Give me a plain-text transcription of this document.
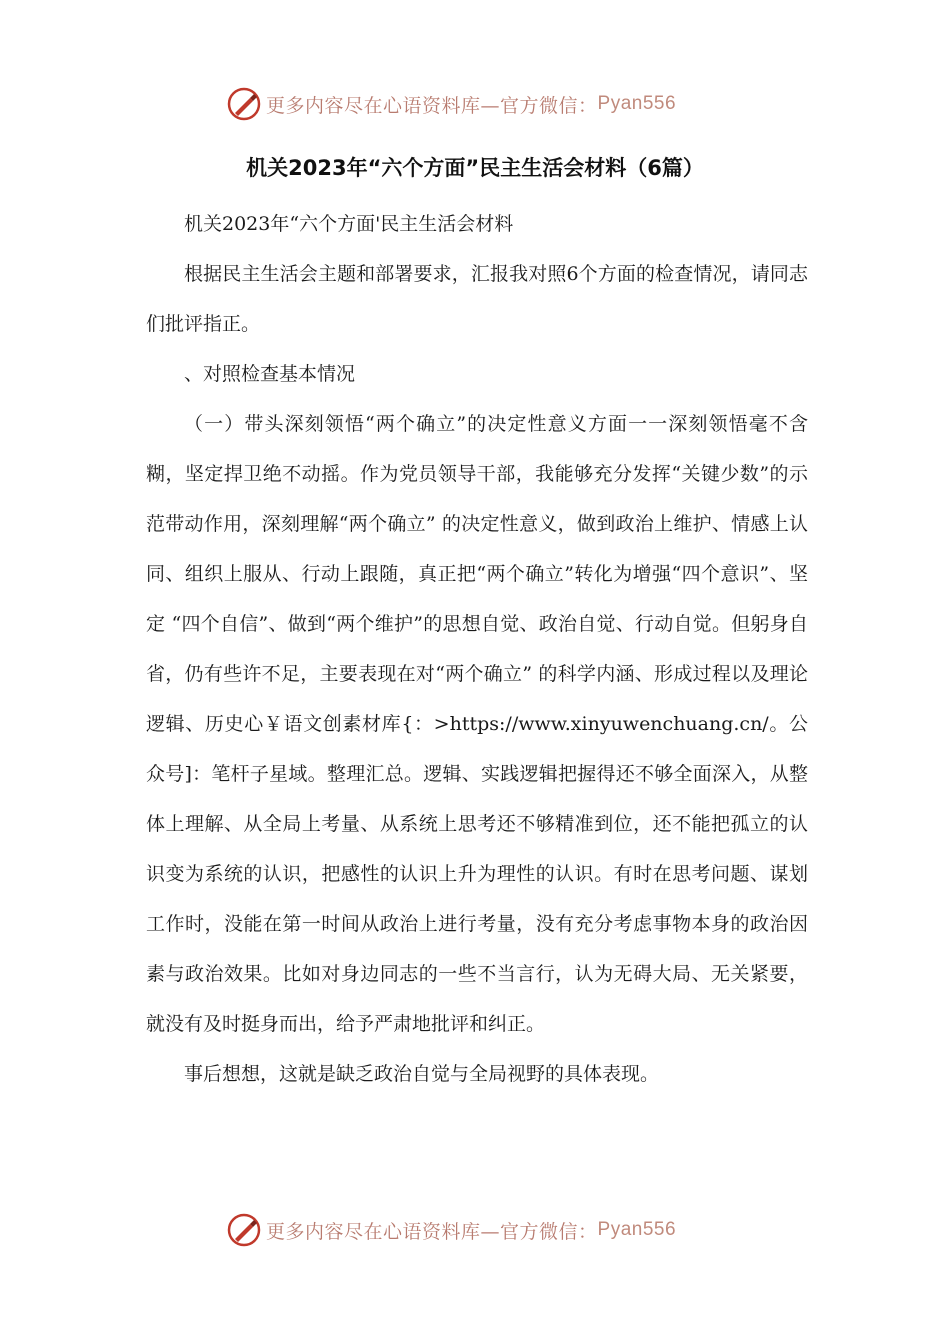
更多内容尽在心语资料库—官方微信： Pyan556
机关2023年“六个方面”民主生活会材料（6篇）

机关2023年“六个方面'民主生活会材料

根据民主生活会主题和部署要求，汇报我对照6个方面的检查情况，请同志们批评指正。

、对照检查基本情况

（一）带头深刻领悟“两个确立”的决定性意义方面一一深刻领悟毫不含糊，坚定捍卫绝不动摇。作为党员领导干部，我能够充分发挥“关键少数”的示范带动作用，深刻理解“两个确立” 的决定性意义，做到政治上维护、情感上认同、组织上服从、行动上跟随，真正把“两个确立”转化为增强“四个意识”、坚定 “四个自信”、做到“两个维护”的思想自觉、政治自觉、行动自觉。但躬身自省，仍有些许不足，主要表现在对“两个确立” 的科学内涵、形成过程以及理论逻辑、历史心￥语文创素材库{：>https://www.xinyuwenchuang.cn/。公众号]：笔杆子星域。整理汇总。逻辑、实践逻辑把握得还不够全面深入，从整体上理解、从全局上考量、从系统上思考还不够精准到位，还不能把孤立的认识变为系统的认识，把感性的认识上升为理性的认识。有时在思考问题、谋划工作时，没能在第一时间从政治上进行考量，没有充分考虑事物本身的政治因素与政治效果。比如对身边同志的一些不当言行，认为无碍大局、无关紧要，就没有及时挺身而出，给予严肃地批评和纠正。

事后想想，这就是缺乏政治自觉与全局视野的具体表现。

更多内容尽在心语资料库—官方微信： Pyan556
